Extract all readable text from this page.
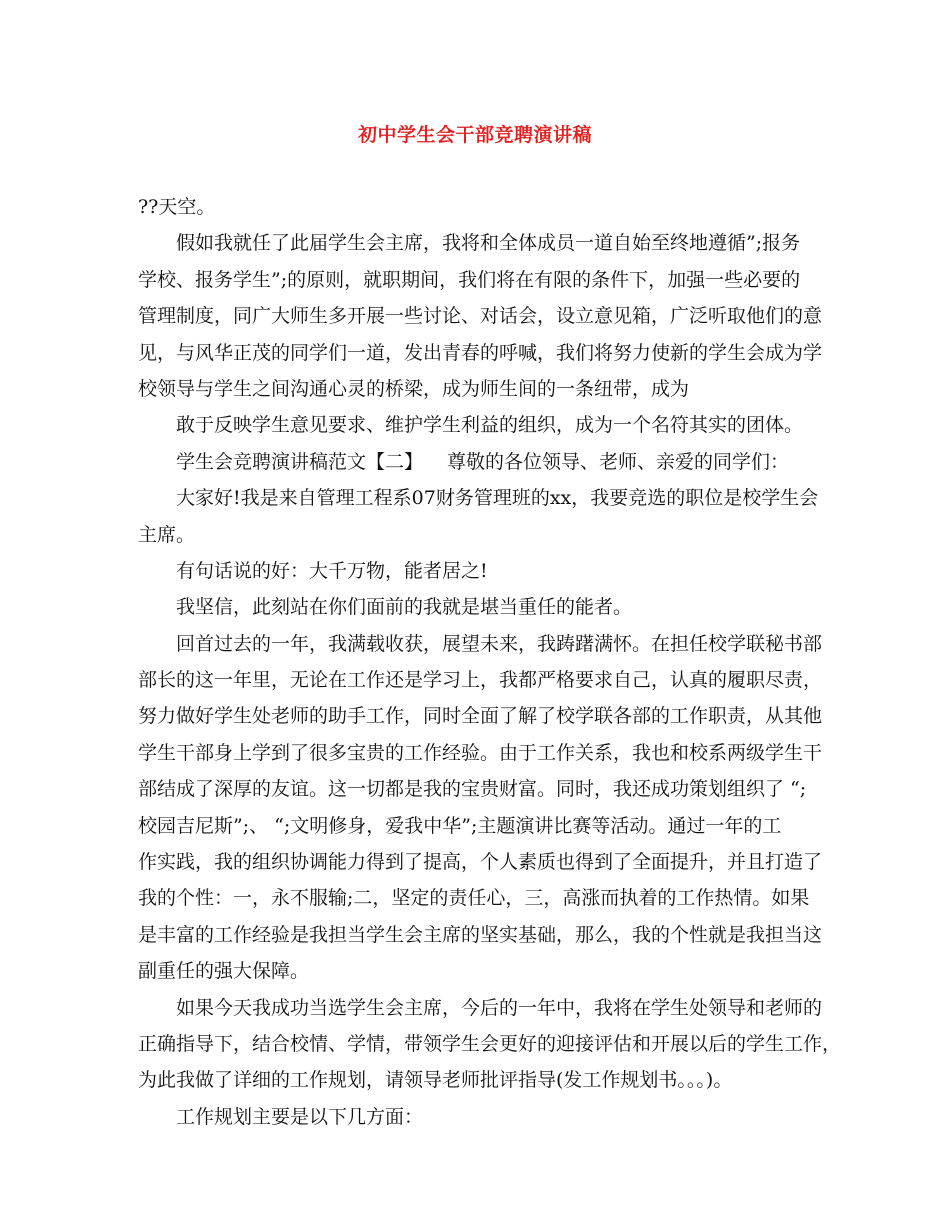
初中学生会干部竞聘演讲稿
??天空。
假如我就任了此届学生会主席，我将和全体成员一道自始至终地遵循”;报务
学校、报务学生”;的原则，就职期间，我们将在有限的条件下，加强一些必要的
管理制度，同广大师生多开展一些讨论、对话会，设立意见箱，广泛听取他们的意
见，与风华正茂的同学们一道，发出青春的呼喊，我们将努力使新的学生会成为学
校领导与学生之间沟通心灵的桥梁，成为师生间的一条纽带，成为
敢于反映学生意见要求、维护学生利益的组织，成为一个名符其实的团体。
学生会竞聘演讲稿范文【二】 尊敬的各位领导、老师、亲爱的同学们：
大家好!我是来自管理工程系07财务管理班的xx，我要竞选的职位是校学生会
主席。
有句话说的好：大千万物，能者居之!
我坚信，此刻站在你们面前的我就是堪当重任的能者。
回首过去的一年，我满载收获，展望未来，我踌躇满怀。在担任校学联秘书部
部长的这一年里，无论在工作还是学习上，我都严格要求自己，认真的履职尽责，
努力做好学生处老师的助手工作，同时全面了解了校学联各部的工作职责，从其他
学生干部身上学到了很多宝贵的工作经验。由于工作关系，我也和校系两级学生干
部结成了深厚的友谊。这一切都是我的宝贵财富。同时，我还成功策划组织了 “;
校园吉尼斯”;、 “;文明修身，爱我中华”;主题演讲比赛等活动。通过一年的工
作实践，我的组织协调能力得到了提高，个人素质也得到了全面提升，并且打造了
我的个性：一，永不服输;二，坚定的责任心，三，高涨而执着的工作热情。如果
是丰富的工作经验是我担当学生会主席的坚实基础，那么，我的个性就是我担当这
副重任的强大保障。
如果今天我成功当选学生会主席，今后的一年中，我将在学生处领导和老师的
正确指导下，结合校情、学情，带领学生会更好的迎接评估和开展以后的学生工作，
为此我做了详细的工作规划，请领导老师批评指导(发工作规划书。。。)。
工作规划主要是以下几方面：
